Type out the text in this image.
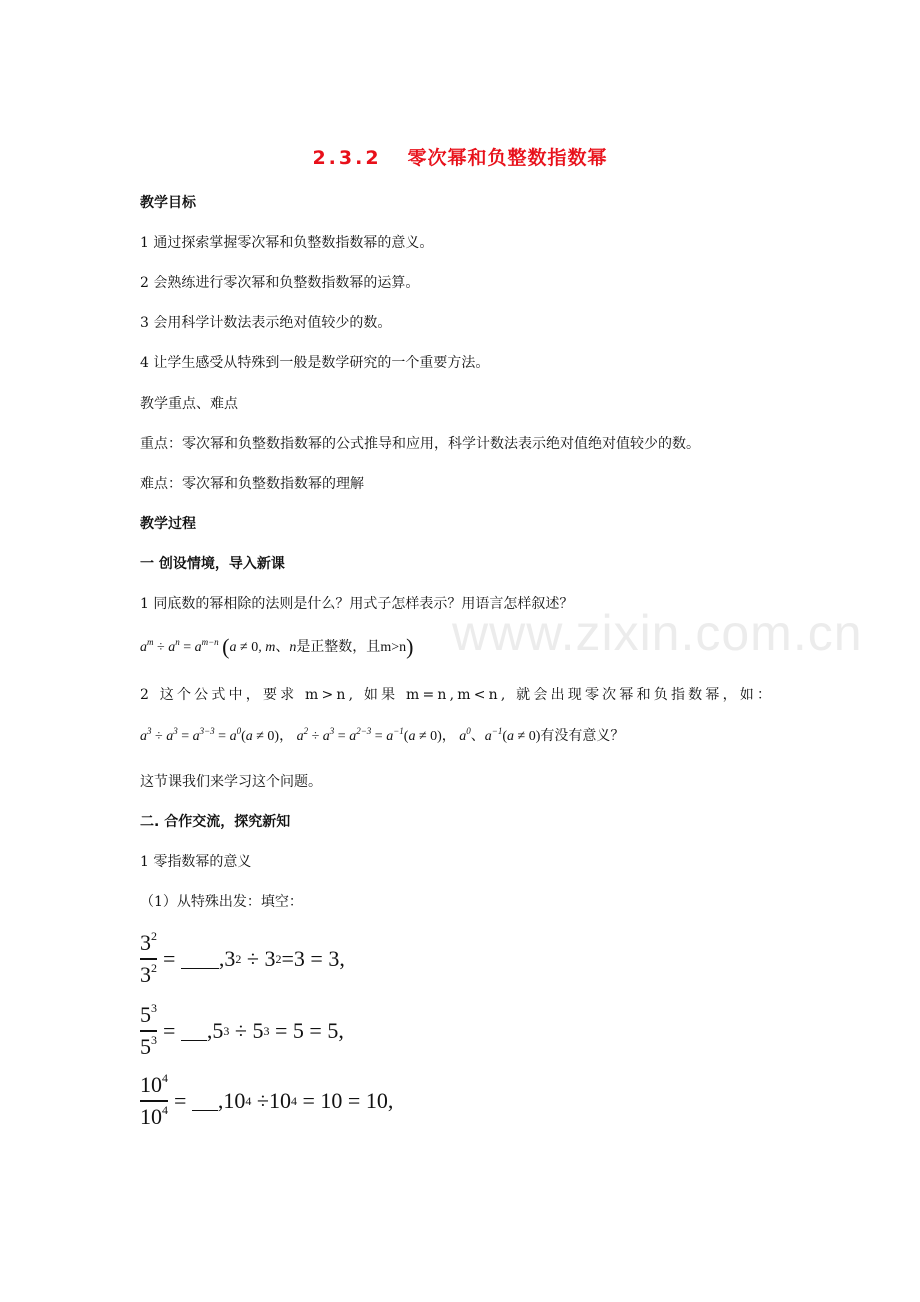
2.3.2 零次幂和负整数指数幂
教学目标
1 通过探索掌握零次幂和负整数指数幂的意义。
2 会熟练进行零次幂和负整数指数幂的运算。
3 会用科学计数法表示绝对值较少的数。
4 让学生感受从特殊到一般是数学研究的一个重要方法。
教学重点、难点
重点：零次幂和负整数指数幂的公式推导和应用，科学计数法表示绝对值绝对值较少的数。
难点：零次幂和负整数指数幂的理解
教学过程
一 创设情境，导入新课
1 同底数的幂相除的法则是什么？用式子怎样表示？用语言怎样叙述？
$a^m \div a^n = a^{m-n}$ (a ≠ 0, m、n是正整数，且m>n)
2 这个公式中，要求 m>n, 如果 m=n,m<n, 就会出现零次幂和负指数幂，如：
$a^3 \div a^3 = a^{3-3} = a^0(a \ne 0)$， $a^2 \div a^3 = a^{2-3} = a^{-1}(a \ne 0)$， $a^0$、$a^{-1}(a \ne 0)$有没有意义？
这节课我们来学习这个问题。
二. 合作交流，探究新知
1 零指数幂的意义
（1）从特殊出发：填空：
$\frac{3^2}{3^2}$ =
, 3 2 ÷ 3 2 = 3 = 3 ,
$\frac{5^3}{5^3}$ =
, 5 3 ÷ 5 3 = 5 = 5 ,
$\frac{10^4}{10^4}$ =
, 10 4 ÷ 10 4 = 10 = 10 ,
www.zixin.com.cn
